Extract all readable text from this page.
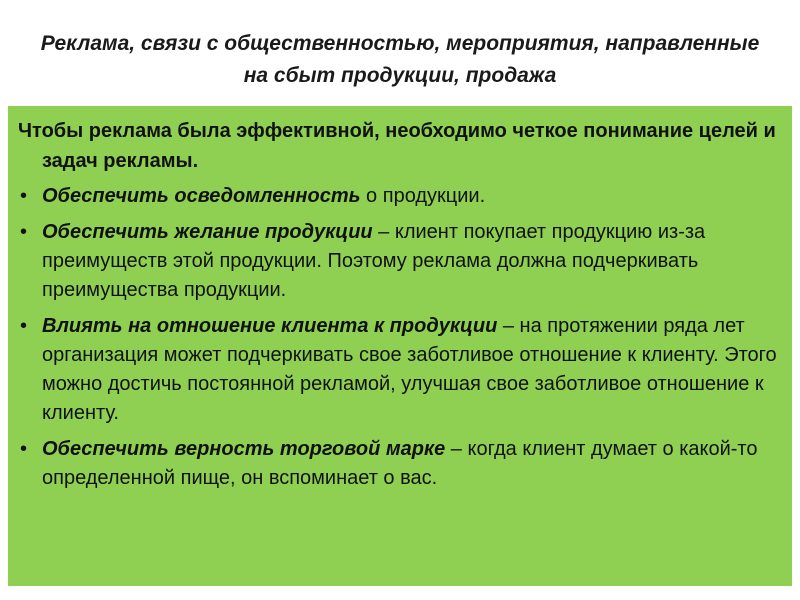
Реклама, связи с общественностью, мероприятия, направленные на сбыт продукции, продажа

Чтобы реклама была эффективной, необходимо четкое понимание целей и задач рекламы.

• Обеспечить осведомленность о продукции.
• Обеспечить желание продукции – клиент покупает продукцию из-за преимуществ этой продукции. Поэтому реклама должна подчеркивать преимущества продукции.
• Влиять на отношение клиента к продукции – на протяжении ряда лет организация может подчеркивать свое заботливое отношение к клиенту. Этого можно достичь постоянной рекламой, улучшая свое заботливое отношение к клиенту.
• Обеспечить верность торговой марке – когда клиент думает о какой-то определенной пище, он вспоминает о вас.
